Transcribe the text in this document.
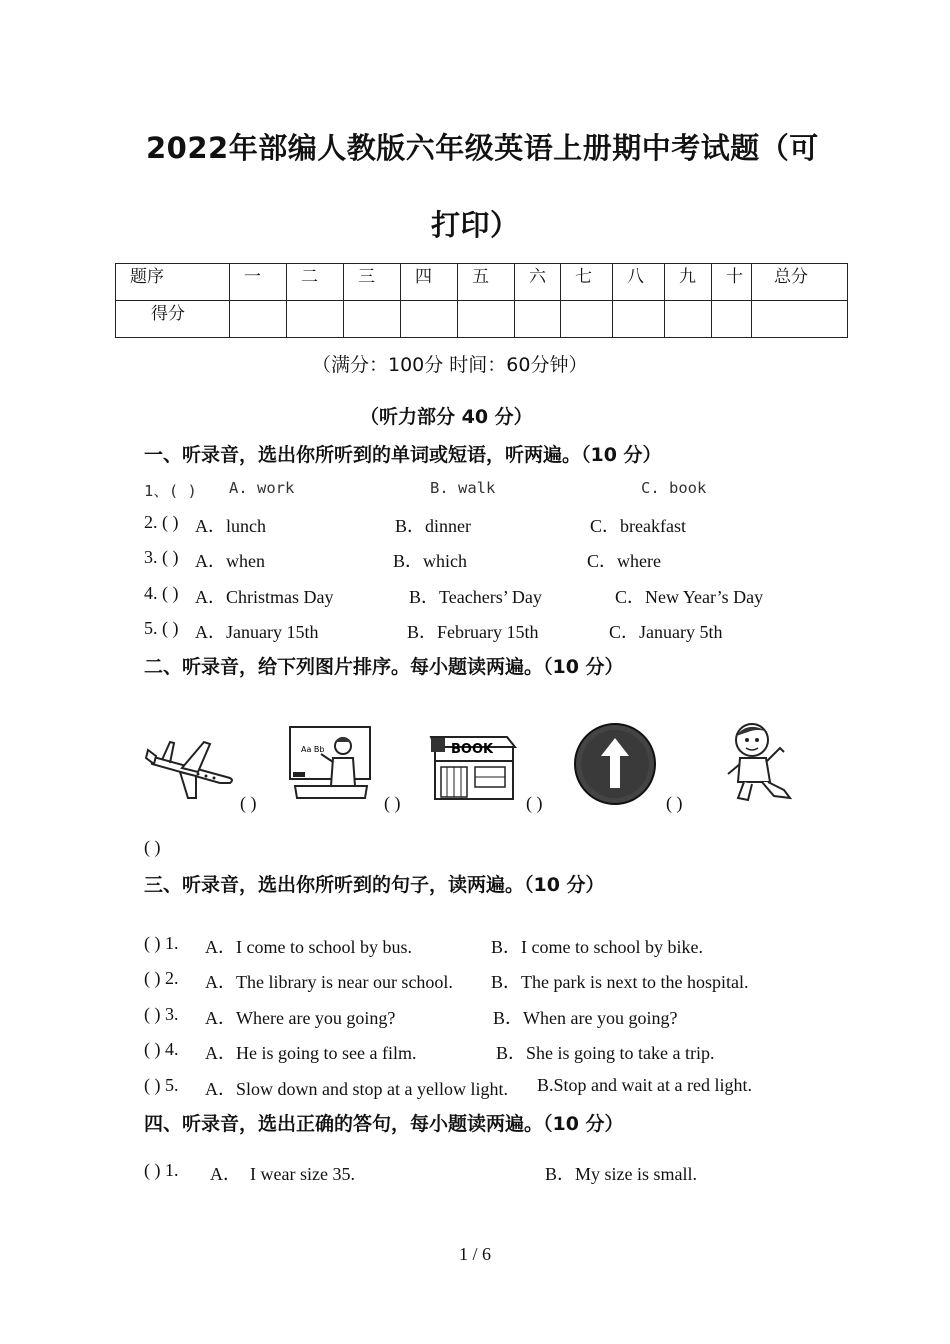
2022年部编人教版六年级英语上册期中考试题（可
打印）
题序	一	二	三	四	五	六	七	八	九	十	总分
得分											
（满分：100分 时间：60分钟）
（听力部分 40 分）
一、听录音，选出你所听到的单词或短语，听两遍。（10 分）
1、( ) A. work	B. walk	C. book
2. ( ) A．lunch	B．dinner	C．breakfast
3. ( ) A．when	B．which	C．where
4. ( ) A．Christmas Day	B．Teachers’ Day	C．New Year’s Day
5. ( ) A．January 15th	B．February 15th	C．January 5th
二、听录音，给下列图片排序。每小题读两遍。（10 分）
Aa Bb	BOOK
( )	( )	( )	( )
( )
三、听录音，选出你所听到的句子，读两遍。（10 分）
( ) 1. A．I come to school by bus.	B．I come to school by bike.
( ) 2. A．The library is near our school. B．The park is next to the hospital.
( ) 3. A．Where are you going?	B．When are you going?
( ) 4. A．He is going to see a film.	B．She is going to take a trip.
( ) 5. A．Slow down and stop at a yellow light. B.Stop and wait at a red light.
四、听录音，选出正确的答句，每小题读两遍。（10 分）
( ) 1. A．  I wear size 35.	B．My size is small.
1 / 6
